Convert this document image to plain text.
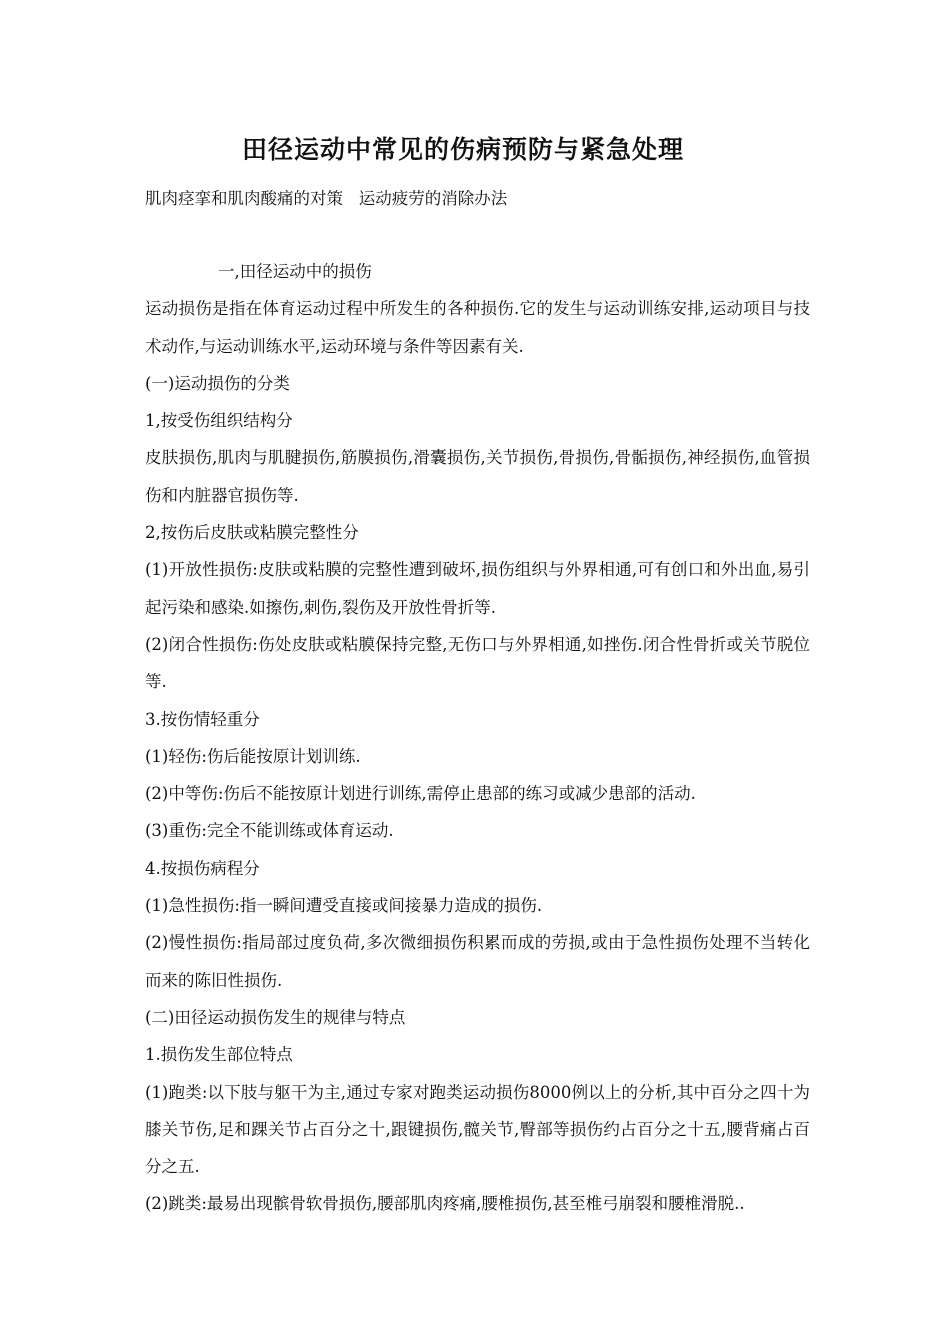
田径运动中常见的伤病预防与紧急处理
肌肉痉挛和肌肉酸痛的对策   运动疲劳的消除办法

一,田径运动中的损伤

运动损伤是指在体育运动过程中所发生的各种损伤.它的发生与运动训练安排,运动项目与技术动作,与运动训练水平,运动环境与条件等因素有关.

(一)运动损伤的分类

1,按受伤组织结构分

皮肤损伤,肌肉与肌腱损伤,筋膜损伤,滑囊损伤,关节损伤,骨损伤,骨骺损伤,神经损伤,血管损伤和内脏器官损伤等.

2,按伤后皮肤或粘膜完整性分

(1)开放性损伤:皮肤或粘膜的完整性遭到破坏,损伤组织与外界相通,可有创口和外出血,易引起污染和感染.如擦伤,刺伤,裂伤及开放性骨折等.

(2)闭合性损伤:伤处皮肤或粘膜保持完整,无伤口与外界相通,如挫伤.闭合性骨折或关节脱位等.

3.按伤情轻重分

(1)轻伤:伤后能按原计划训练.

(2)中等伤:伤后不能按原计划进行训练,需停止患部的练习或减少患部的活动.

(3)重伤:完全不能训练或体育运动.

4.按损伤病程分

(1)急性损伤:指一瞬间遭受直接或间接暴力造成的损伤.

(2)慢性损伤:指局部过度负荷,多次微细损伤积累而成的劳损,或由于急性损伤处理不当转化而来的陈旧性损伤.

(二)田径运动损伤发生的规律与特点

1.损伤发生部位特点

(1)跑类:以下肢与躯干为主,通过专家对跑类运动损伤8000例以上的分析,其中百分之四十为膝关节伤,足和踝关节占百分之十,跟键损伤,髋关节,臀部等损伤约占百分之十五,腰背痛占百分之五.

(2)跳类:最易出现髌骨软骨损伤,腰部肌肉疼痛,腰椎损伤,甚至椎弓崩裂和腰椎滑脱..
